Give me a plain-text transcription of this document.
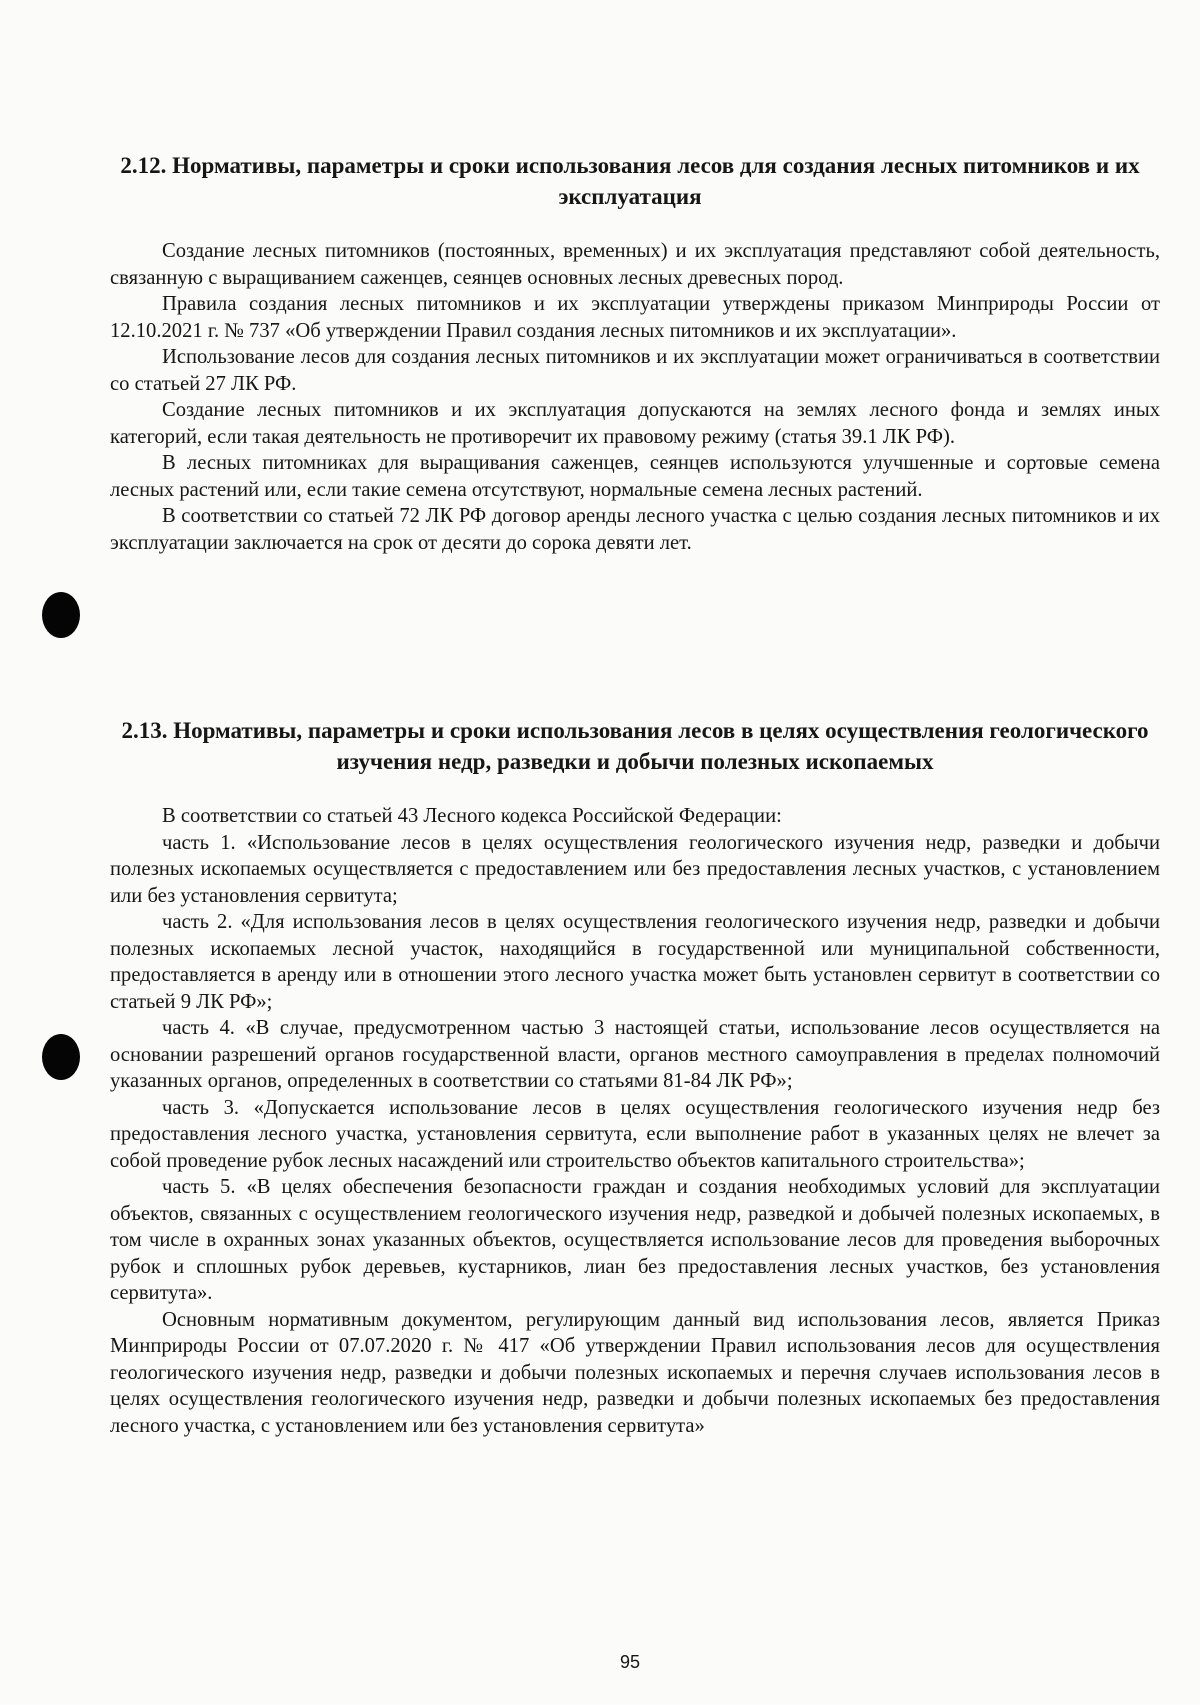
2.12. Нормативы, параметры и сроки использования лесов для создания лесных питомников и их эксплуатация

Создание лесных питомников (постоянных, временных) и их эксплуатация представляют собой деятельность, связанную с выращиванием саженцев, сеянцев основных лесных древесных пород.

Правила создания лесных питомников и их эксплуатации утверждены приказом Минприроды России от 12.10.2021 г. № 737 «Об утверждении Правил создания лесных питомников и их эксплуатации».

Использование лесов для создания лесных питомников и их эксплуатации может ограничиваться в соответствии со статьей 27 ЛК РФ.

Создание лесных питомников и их эксплуатация допускаются на землях лесного фонда и землях иных категорий, если такая деятельность не противоречит их правовому режиму (статья 39.1 ЛК РФ).

В лесных питомниках для выращивания саженцев, сеянцев используются улучшенные и сортовые семена лесных растений или, если такие семена отсутствуют, нормальные семена лесных растений.

В соответствии со статьей 72 ЛК РФ договор аренды лесного участка с целью создания лесных питомников и их эксплуатации заключается на срок от десяти до сорока девяти лет.

2.13. Нормативы, параметры и сроки использования лесов в целях осуществления геологического изучения недр, разведки и добычи полезных ископаемых

В соответствии со статьей 43 Лесного кодекса Российской Федерации:

часть 1. «Использование лесов в целях осуществления геологического изучения недр, разведки и добычи полезных ископаемых осуществляется с предоставлением или без предоставления лесных участков, с установлением или без установления сервитута;

часть 2. «Для использования лесов в целях осуществления геологического изучения недр, разведки и добычи полезных ископаемых лесной участок, находящийся в государственной или муниципальной собственности, предоставляется в аренду или в отношении этого лесного участка может быть установлен сервитут в соответствии со статьей 9 ЛК РФ»;

часть 4. «В случае, предусмотренном частью 3 настоящей статьи, использование лесов осуществляется на основании разрешений органов государственной власти, органов местного самоуправления в пределах полномочий указанных органов, определенных в соответствии со статьями 81-84 ЛК РФ»;

часть 3. «Допускается использование лесов в целях осуществления геологического изучения недр без предоставления лесного участка, установления сервитута, если выполнение работ в указанных целях не влечет за собой проведение рубок лесных насаждений или строительство объектов капитального строительства»;

часть 5. «В целях обеспечения безопасности граждан и создания необходимых условий для эксплуатации объектов, связанных с осуществлением геологического изучения недр, разведкой и добычей полезных ископаемых, в том числе в охранных зонах указанных объектов, осуществляется использование лесов для проведения выборочных рубок и сплошных рубок деревьев, кустарников, лиан без предоставления лесных участков, без установления сервитута».

Основным нормативным документом, регулирующим данный вид использования лесов, является Приказ Минприроды России от 07.07.2020 г. № 417 «Об утверждении Правил использования лесов для осуществления геологического изучения недр, разведки и добычи полезных ископаемых и перечня случаев использования лесов в целях осуществления геологического изучения недр, разведки и добычи полезных ископаемых без предоставления лесного участка, с установлением или без установления сервитута»

95
